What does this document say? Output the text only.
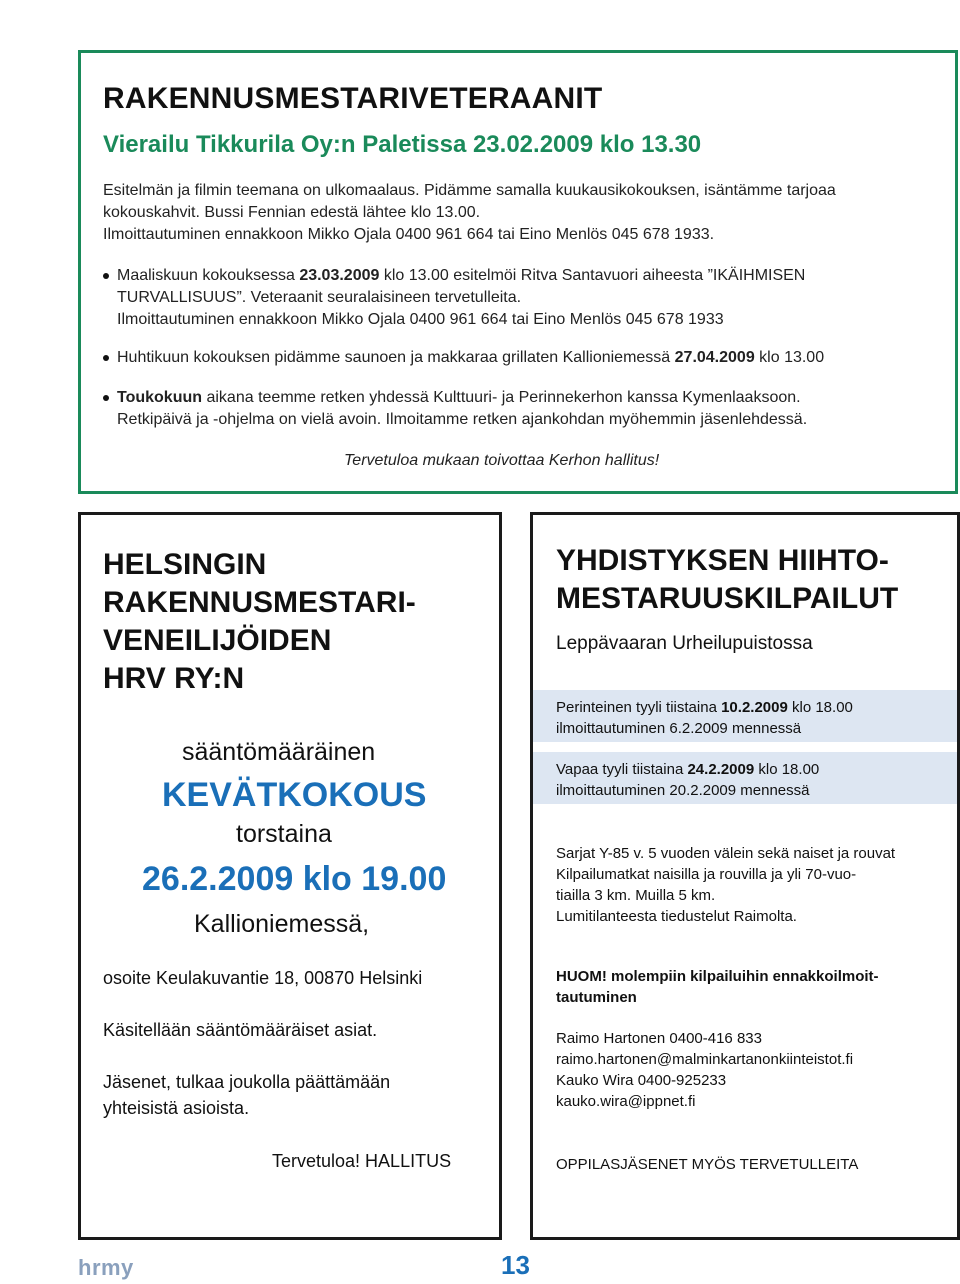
RAKENNUSMESTARIVETERAANIT
Vierailu Tikkurila Oy:n Paletissa 23.02.2009 klo 13.30
Esitelmän ja filmin teemana on ulkomaalaus. Pidämme samalla kuukausikokouksen, isäntämme tarjoaa
kokouskahvit. Bussi Fennian edestä lähtee klo 13.00.
Ilmoittautuminen ennakkoon Mikko Ojala 0400 961 664 tai Eino Menlös 045 678 1933.
Maaliskuun kokouksessa 23.03.2009 klo 13.00 esitelmöi Ritva Santavuori aiheesta ”IKÄIHMISEN
TURVALLISUUS”. Veteraanit seuralaisineen tervetulleita.
Ilmoittautuminen ennakkoon Mikko Ojala 0400 961 664 tai Eino Menlös 045 678 1933
Huhtikuun kokouksen pidämme saunoen ja makkaraa grillaten Kallioniemessä 27.04.2009 klo 13.00
Toukokuun aikana teemme retken yhdessä Kulttuuri- ja Perinnekerhon kanssa Kymenlaaksoon.
Retkipäivä ja -ohjelma on vielä avoin. Ilmoitamme retken ajankohdan myöhemmin jäsenlehdessä.
Tervetuloa mukaan toivottaa Kerhon hallitus!
HELSINGIN
RAKENNUSMESTARI-
VENEILIJÖIDEN
HRV RY:N
sääntömääräinen
KEVÄTKOKOUS
torstaina
26.2.2009 klo 19.00
Kallioniemessä,
osoite Keulakuvantie 18, 00870 Helsinki
Käsitellään sääntömääräiset asiat.
Jäsenet, tulkaa joukolla päättämään
yhteisistä asioista.
Tervetuloa! HALLITUS
YHDISTYKSEN HIIHTO-
MESTARUUSKILPAILUT
Leppävaaran Urheilupuistossa
Perinteinen tyyli tiistaina 10.2.2009 klo 18.00
ilmoittautuminen 6.2.2009 mennessä
Vapaa tyyli tiistaina 24.2.2009 klo 18.00
ilmoittautuminen 20.2.2009 mennessä
Sarjat Y-85 v. 5 vuoden välein sekä naiset ja rouvat
Kilpailumatkat naisilla ja rouvilla ja yli 70-vuo-
tiailla 3 km. Muilla 5 km.
Lumitilanteesta tiedustelut Raimolta.
HUOM! molempiin kilpailuihin ennakkoilmoit-
tautuminen
Raimo Hartonen 0400-416 833
raimo.hartonen@malminkartanonkiinteistot.fi
Kauko Wira 0400-925233
kauko.wira@ippnet.fi
OPPILASJÄSENET MYÖS TERVETULLEITA
hrmy	13
